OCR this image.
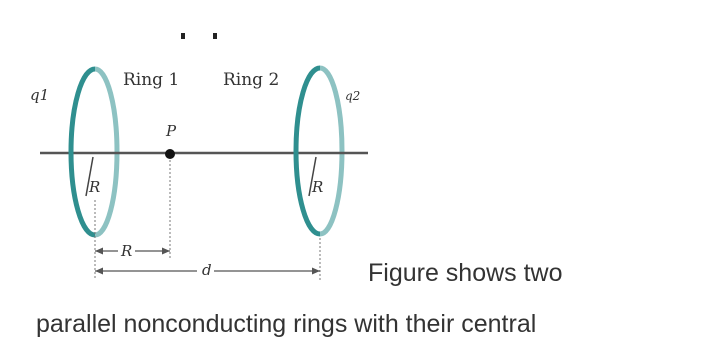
P
Ring 1	Ring 2
q1	q2
R	R
R
d	Figure shows two
parallel nonconducting rings with their central
